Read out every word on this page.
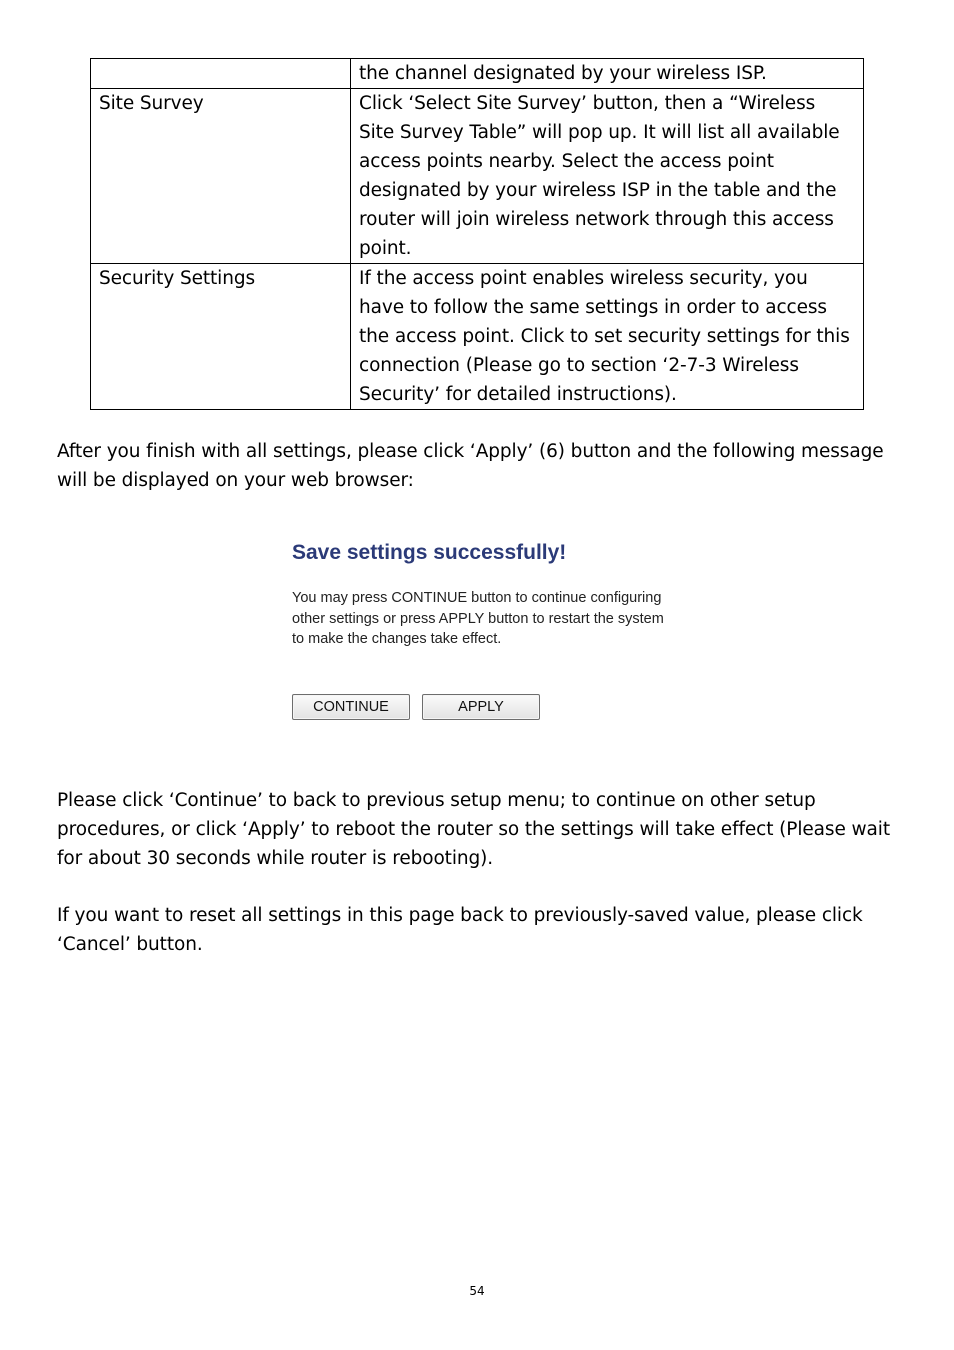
	the channel designated by your wireless ISP.
Site Survey	Click ‘Select Site Survey’ button, then a “Wireless Site Survey Table” will pop up. It will list all available access points nearby. Select the access point designated by your wireless ISP in the table and the router will join wireless network through this access point.
Security Settings	If the access point enables wireless security, you have to follow the same settings in order to access the access point. Click to set security settings for this connection (Please go to section ‘2-7-3 Wireless Security’ for detailed instructions).

After you finish with all settings, please click ‘Apply’ (6) button and the following message will be displayed on your web browser:

Save settings successfully!

You may press CONTINUE button to continue configuring other settings or press APPLY button to restart the system to make the changes take effect.

CONTINUE	APPLY

Please click ‘Continue’ to back to previous setup menu; to continue on other setup procedures, or click ‘Apply’ to reboot the router so the settings will take effect (Please wait for about 30 seconds while router is rebooting).

If you want to reset all settings in this page back to previously-saved value, please click ‘Cancel’ button.

54
